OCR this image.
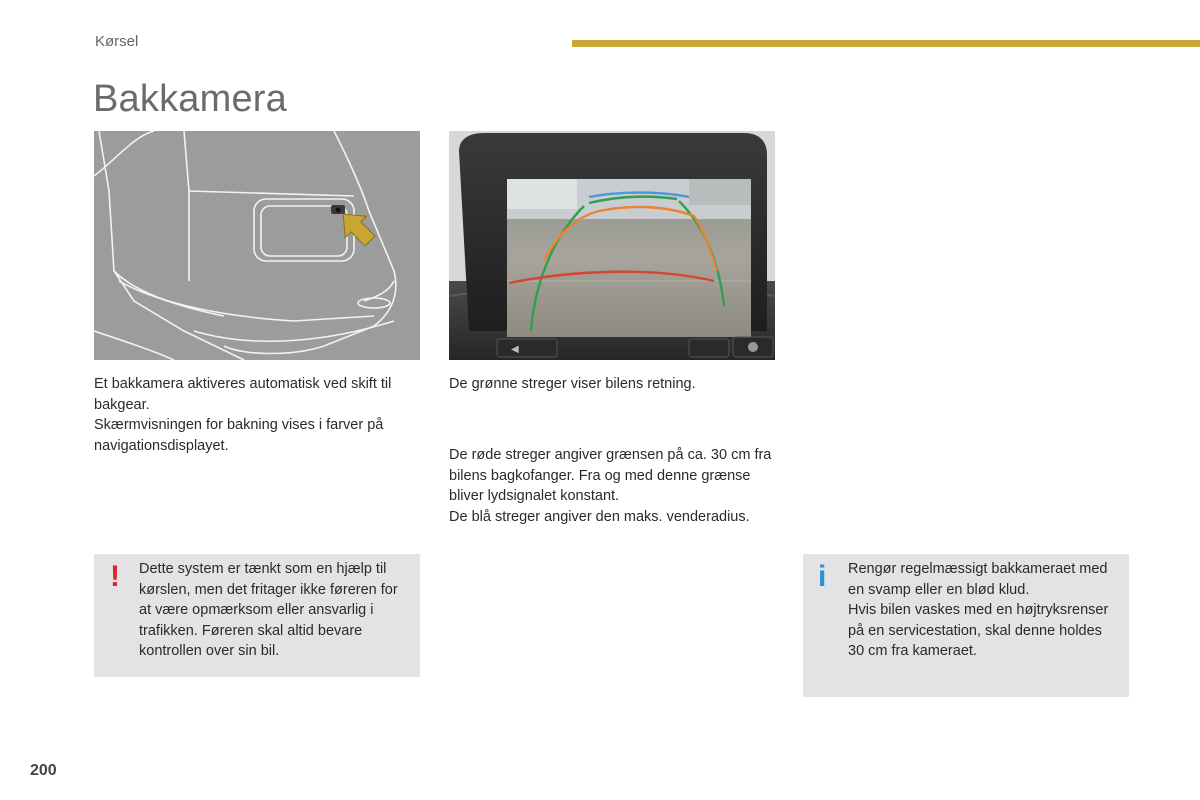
Kørsel
Bakkamera
◀

Et bakkamera aktiveres automatisk ved skift til bakgear.

Skærmvisningen for bakning vises i farver på navigationsdisplayet.

De grønne streger viser bilens retning.

De røde streger angiver grænsen på ca. 30 cm fra bilens bagkofanger. Fra og med denne grænse bliver lydsignalet konstant.

De blå streger angiver den maks. venderadius.

! Dette system er tænkt som en hjælp til kørslen, men det fritager ikke føreren for at være opmærksom eller ansvarlig i trafikken. Føreren skal altid bevare kontrollen over sin bil.

i Rengør regelmæssigt bakkameraet med en svamp eller en blød klud.

Hvis bilen vaskes med en højtryksrenser på en servicestation, skal denne holdes 30 cm fra kameraet.

200
